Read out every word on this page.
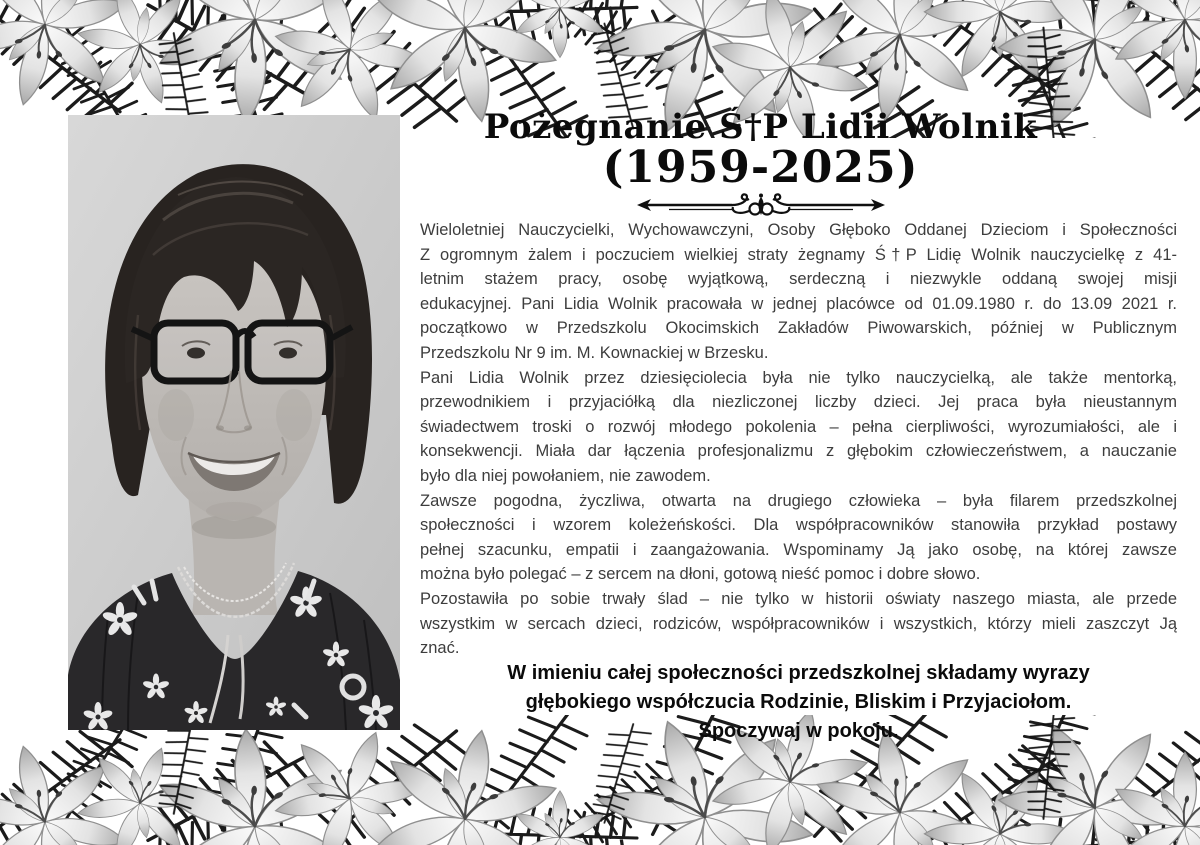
Pożegnanie Ś†P Lidii Wolnik
(1959-2025)
Wieloletniej Nauczycielki, Wychowawczyni, Osoby Głęboko Oddanej Dzieciom i Społeczności
Z ogromnym żalem i poczuciem wielkiej straty żegnamy Ś†P Lidię Wolnik nauczycielkę z 41-
letnim stażem pracy, osobę wyjątkową, serdeczną i niezwykle oddaną swojej misji
edukacyjnej. Pani Lidia Wolnik pracowała w jednej placówce od 01.09.1980 r. do 13.09 2021 r.
początkowo w Przedszkolu Okocimskich Zakładów Piwowarskich, później w Publicznym
Przedszkolu Nr 9 im. M. Kownackiej w Brzesku.
Pani Lidia Wolnik przez dziesięciolecia była nie tylko nauczycielką, ale także mentorką,
przewodnikiem i przyjaciółką dla niezliczonej liczby dzieci. Jej praca była nieustannym
świadectwem troski o rozwój młodego pokolenia – pełna cierpliwości, wyrozumiałości, ale i
konsekwencji. Miała dar łączenia profesjonalizmu z głębokim człowieczeństwem, a nauczanie
było dla niej powołaniem, nie zawodem.
Zawsze pogodna, życzliwa, otwarta na drugiego człowieka – była filarem przedszkolnej
społeczności i wzorem koleżeńskości. Dla współpracowników stanowiła przykład postawy
pełnej szacunku, empatii i zaangażowania. Wspominamy Ją jako osobę, na której zawsze
można było polegać – z sercem na dłoni, gotową nieść pomoc i dobre słowo.
Pozostawiła po sobie trwały ślad – nie tylko w historii oświaty naszego miasta, ale przede
wszystkim w sercach dzieci, rodziców, współpracowników i wszystkich, którzy mieli zaszczyt Ją
znać.
W imieniu całej społeczności przedszkolnej składamy wyrazy
głębokiego współczucia Rodzinie, Bliskim i Przyjaciołom.
Spoczywaj w pokoju.
